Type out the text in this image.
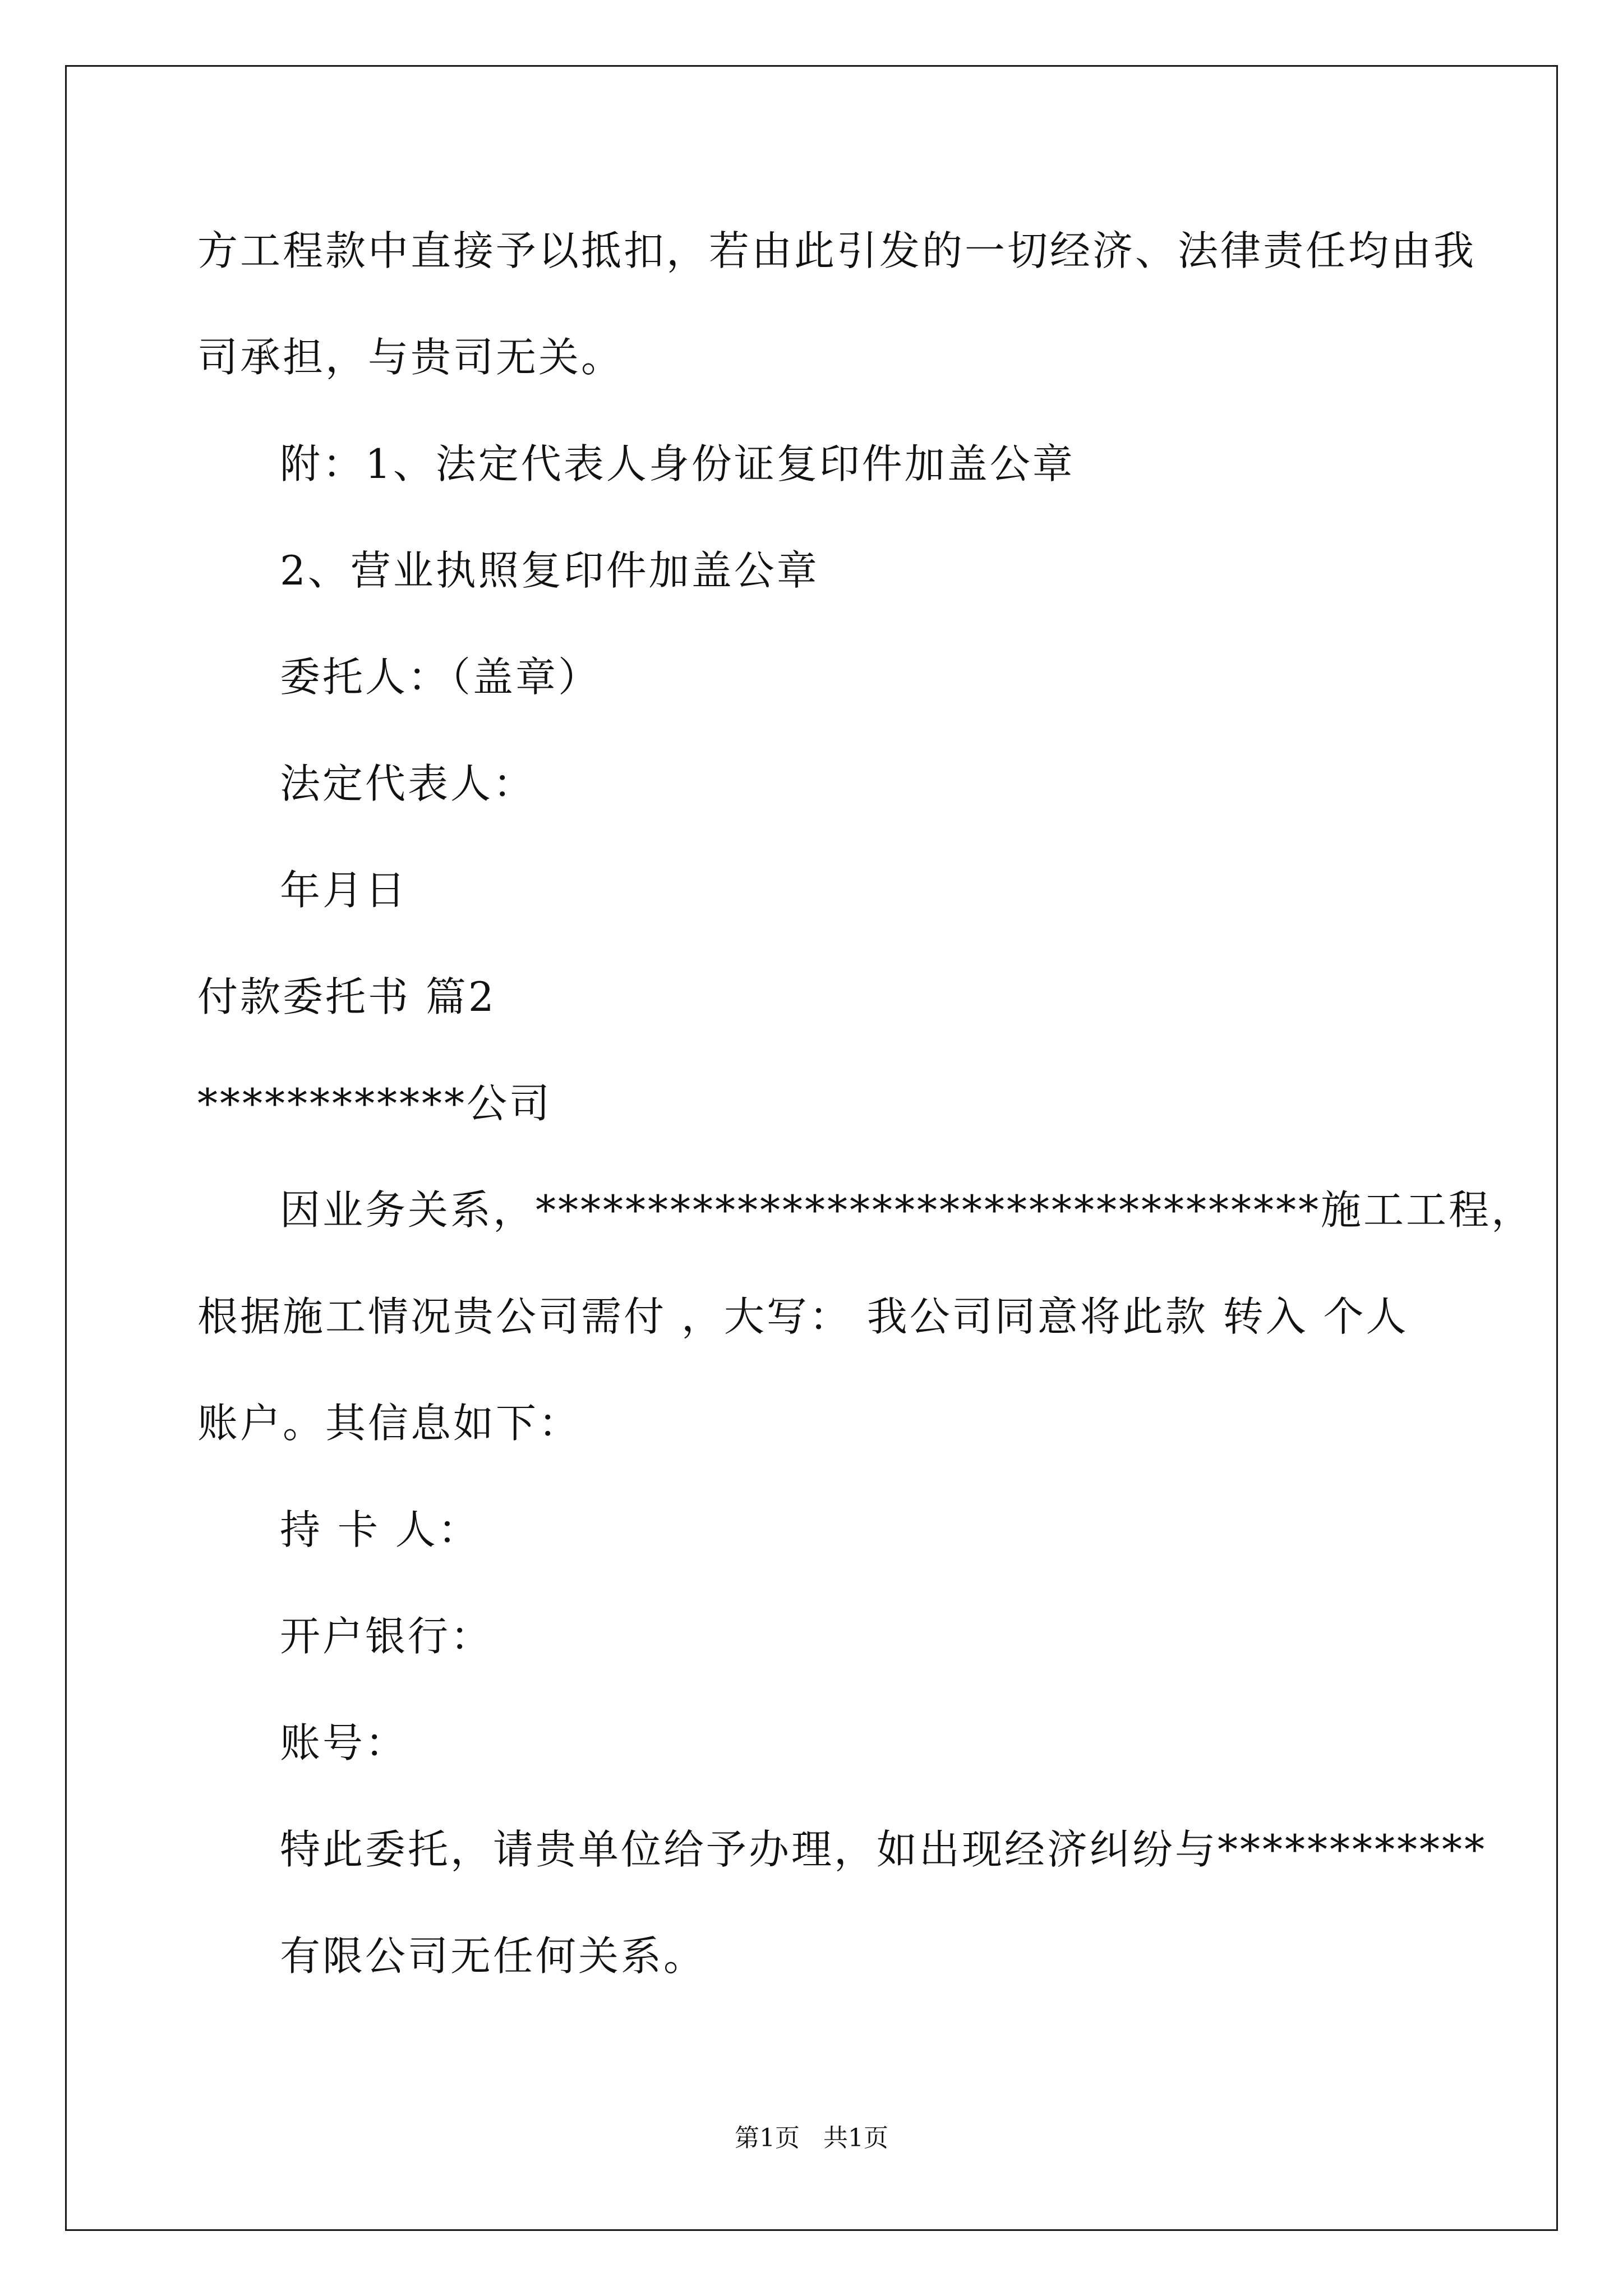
方工程款中直接予以抵扣，若由此引发的一切经济、法律责任均由我
司承担，与贵司无关。
附：1、法定代表人身份证复印件加盖公章
2、营业执照复印件加盖公章
委托人：（盖章）
法定代表人：
年月日
付款委托书 篇2
************公司
因业务关系，***********************************施工工程，
根据施工情况贵公司需付 ，大写： 我公司同意将此款 转入 个人
账户。其信息如下：
持 卡 人：
开户银行：
账号：
特此委托，请贵单位给予办理，如出现经济纠纷与************
有限公司无任何关系。
第1页   共1页
